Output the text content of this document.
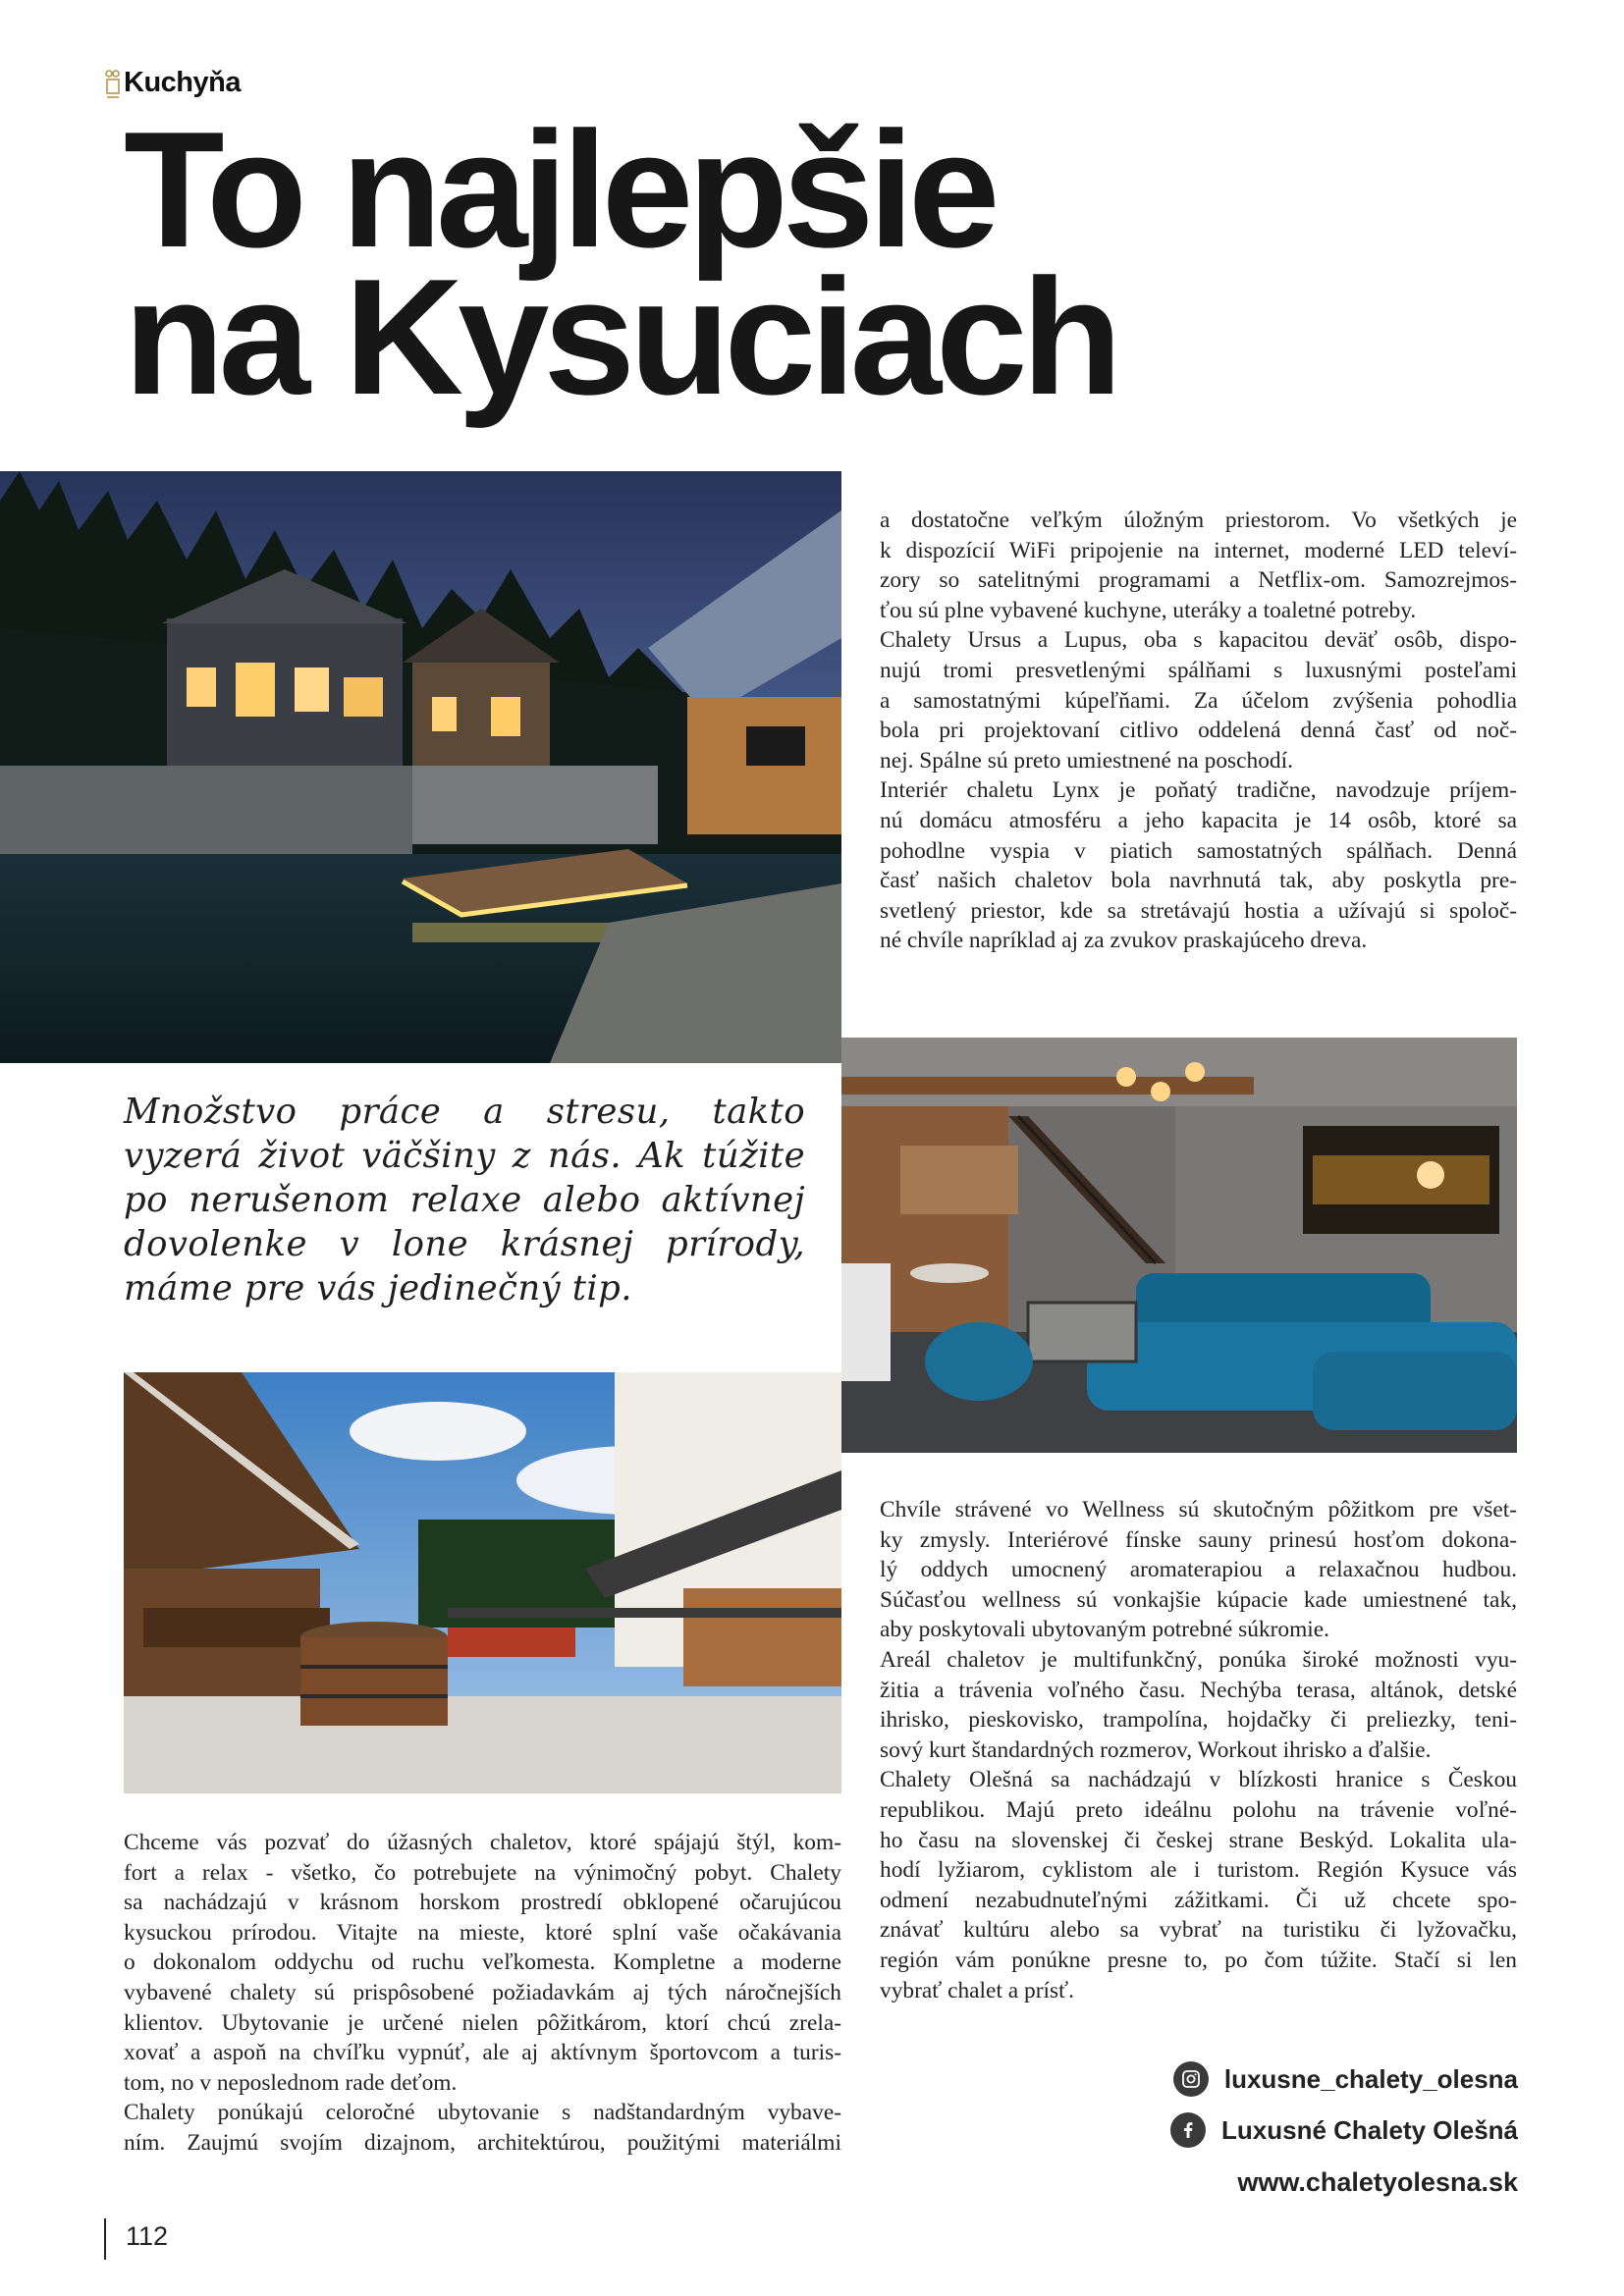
Kuchyňa
To najlepšie
na Kysuciach
a dostatočne veľkým úložným priestorom. Vo všetkých je
k dispozícií WiFi pripojenie na internet, moderné LED televí-
zory so satelitnými programami a Netflix-om. Samozrejmos-
ťou sú plne vybavené kuchyne, uteráky a toaletné potreby.
Chalety Ursus a Lupus, oba s kapacitou deväť osôb, dispo-
nujú tromi presvetlenými spálňami s luxusnými posteľami
a samostatnými kúpeľňami. Za účelom zvýšenia pohodlia
bola pri projektovaní citlivo oddelená denná časť od noč-
nej. Spálne sú preto umiestnené na poschodí.
Interiér chaletu Lynx je poňatý tradične, navodzuje príjem-
nú domácu atmosféru a jeho kapacita je 14 osôb, ktoré sa
pohodlne vyspia v piatich samostatných spálňach. Denná
časť našich chaletov bola navrhnutá tak, aby poskytla pre-
svetlený priestor, kde sa stretávajú hostia a užívajú si spoloč-
né chvíle napríklad aj za zvukov praskajúceho dreva.
Množstvo práce a stresu, takto vyzerá život väčšiny z nás. Ak túžite po nerušenom relaxe alebo aktívnej dovolenke v lone krásnej prírody, máme pre vás jedinečný tip.
Chvíle strávené vo Wellness sú skutočným pôžitkom pre všet-
ky zmysly. Interiérové fínske sauny prinesú hosťom dokona-
lý oddych umocnený aromaterapiou a relaxačnou hudbou.
Súčasťou wellness sú vonkajšie kúpacie kade umiestnené tak,
aby poskytovali ubytovaným potrebné súkromie.
Areál chaletov je multifunkčný, ponúka široké možnosti vyu-
žitia a trávenia voľného času. Nechýba terasa, altánok, detské
ihrisko, pieskovisko, trampolína, hojdačky či preliezky, teni-
sový kurt štandardných rozmerov, Workout ihrisko a ďalšie.
Chalety Olešná sa nachádzajú v blízkosti hranice s Českou
republikou. Majú preto ideálnu polohu na trávenie voľné-
ho času na slovenskej či českej strane Beskýd. Lokalita ula-
hodí lyžiarom, cyklistom ale i turistom. Región Kysuce vás
odmení nezabudnuteľnými zážitkami. Či už chcete spo-
znávať kultúru alebo sa vybrať na turistiku či lyžovačku,
región vám ponúkne presne to, po čom túžite. Stačí si len
vybrať chalet a prísť.
Chceme vás pozvať do úžasných chaletov, ktoré spájajú štýl, kom-
fort a relax - všetko, čo potrebujete na výnimočný pobyt. Chalety
sa nachádzajú v krásnom horskom prostredí obklopené očarujúcou
kysuckou prírodou. Vitajte na mieste, ktoré splní vaše očakávania
o dokonalom oddychu od ruchu veľkomesta. Kompletne a moderne
vybavené chalety sú prispôsobené požiadavkám aj tých náročnejších
klientov. Ubytovanie je určené nielen pôžitkárom, ktorí chcú zrela-
xovať a aspoň na chvíľku vypnúť, ale aj aktívnym športovcom a turis-
tom, no v neposlednom rade deťom.
Chalety ponúkajú celoročné ubytovanie s nadštandardným vybave-
ním. Zaujmú svojím dizajnom, architektúrou, použitými materiálmi
luxusne_chalety_olesna
Luxusné Chalety Olešná
www.chaletyolesna.sk
112
